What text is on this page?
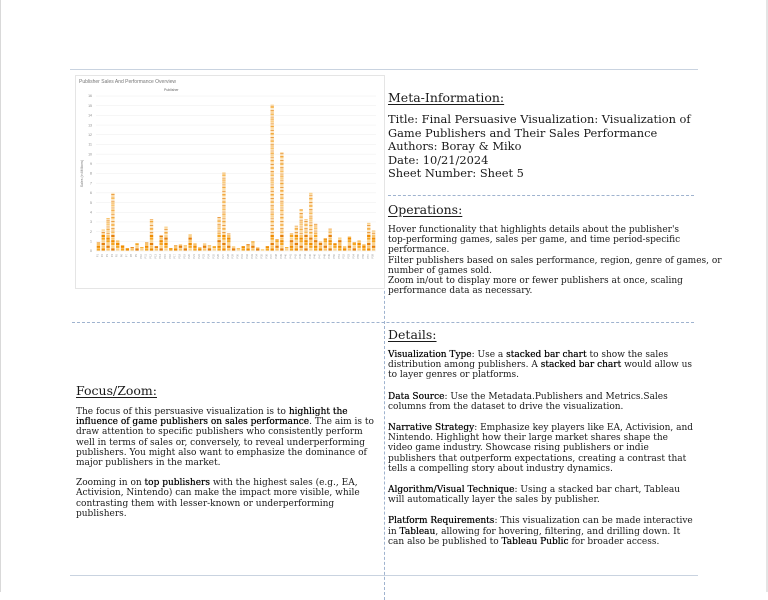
Publisher Sales And Performance Overview
Publisher
0
1
2
3
4
5
6
7
8
9
10
11
12
13
14
15
16
Sales (in Millions)
P1 P2 P3 P4 P5 P6 P7 P8 P9 P10 P11 P12 P13 P14 P15 P16 P17 P18 P19 P20 P21 P22 P23 P24 P25 P26 P27 P28 P29 P30 P31 P32 P33 P34 P35 P36 P37 P38 P39 P40 P41 P42 P43 P44 P45 P46 P47 P48 P49 P50 P51 P52 P53 P54 P55 P56 P57 P58
Meta-Information:
Title: Final Persuasive Visualization: Visualization of
Game Publishers and Their Sales Performance
Authors: Boray & Miko
Date: 10/21/2024
Sheet Number: Sheet 5
Operations:
Hover functionality that highlights details about the publisher's
top-performing games, sales per game, and time period-specific
performance.
Filter publishers based on sales performance, region, genre of games, or
number of games sold.
Zoom in/out to display more or fewer publishers at once, scaling
performance data as necessary.
Details:

Visualization Type: Use a stacked bar chart to show the sales distribution among publishers. A stacked bar chart would allow us to layer genres or platforms.

Data Source: Use the Metadata.Publishers and Metrics.Sales columns from the dataset to drive the visualization.

Narrative Strategy: Emphasize key players like EA, Activision, and Nintendo. Highlight how their large market shares shape the video game industry. Showcase rising publishers or indie publishers that outperform expectations, creating a contrast that tells a compelling story about industry dynamics.

Algorithm/Visual Technique: Using a stacked bar chart, Tableau will automatically layer the sales by publisher.

Platform Requirements: This visualization can be made interactive in Tableau, allowing for hovering, filtering, and drilling down. It can also be published to Tableau Public for broader access.

Focus/Zoom:

The focus of this persuasive visualization is to highlight the influence of game publishers on sales performance. The aim is to draw attention to specific publishers who consistently perform well in terms of sales or, conversely, to reveal underperforming publishers. You might also want to emphasize the dominance of major publishers in the market.

Zooming in on top publishers with the highest sales (e.g., EA, Activision, Nintendo) can make the impact more visible, while contrasting them with lesser-known or underperforming publishers.
